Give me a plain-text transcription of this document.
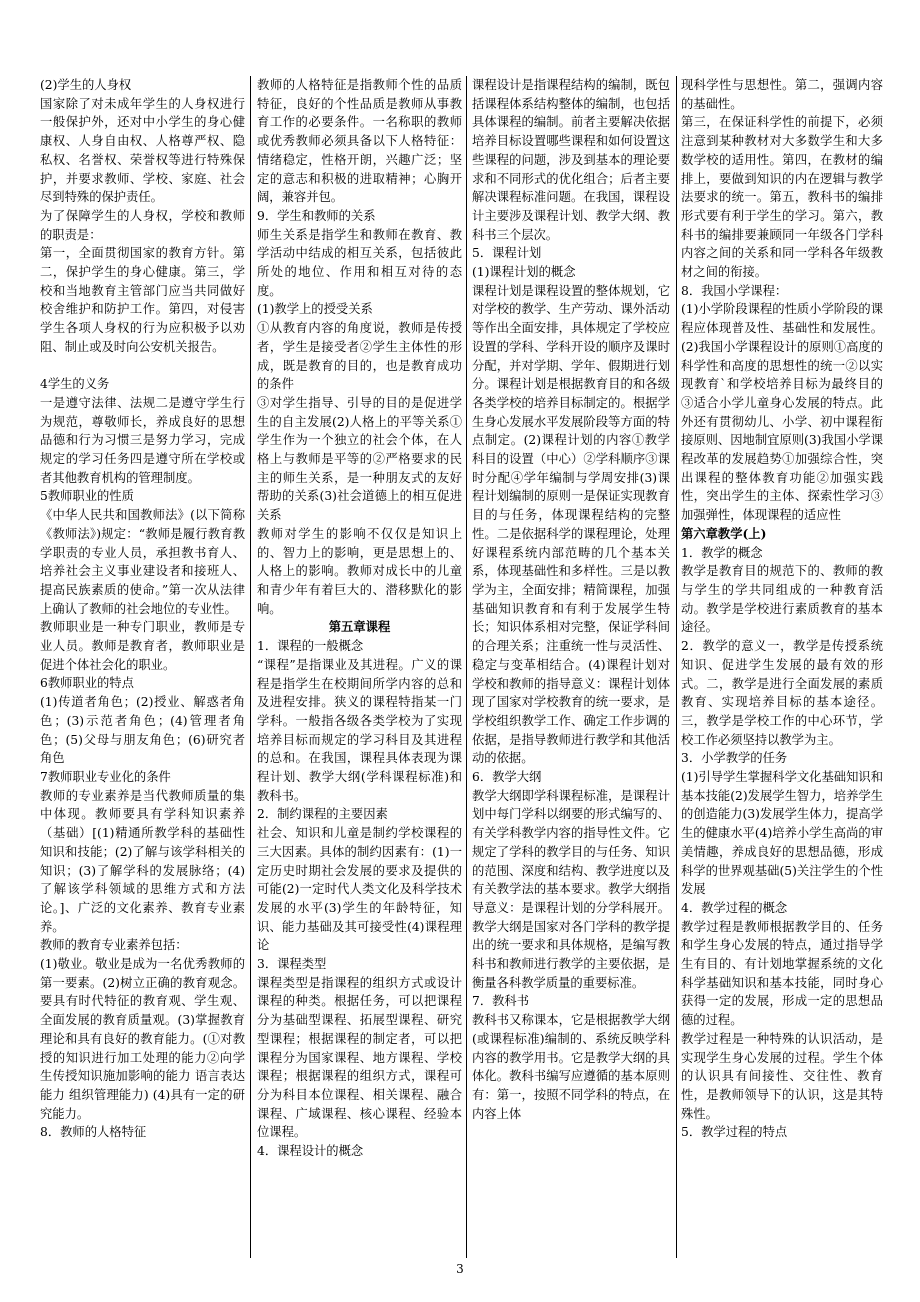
(2)学生的人身权

国家除了对未成年学生的人身权进行一般保护外，还对中小学生的身心健康权、人身自由权、人格尊严权、隐私权、名誉权、荣誉权等进行特殊保护，并要求教师、学校、家庭、社会尽到特殊的保护责任。

为了保障学生的人身权，学校和教师的职责是：

第一，全面贯彻国家的教育方针。第二，保护学生的身心健康。第三，学校和当地教育主管部门应当共同做好校舍维护和防护工作。第四，对侵害学生各项人身权的行为应积极予以劝阻、制止或及时向公安机关报告。

4学生的义务

一是遵守法律、法规二是遵守学生行为规范，尊敬师长，养成良好的思想品德和行为习惯三是努力学习，完成规定的学习任务四是遵守所在学校或者其他教育机构的管理制度。

5教师职业的性质

《中华人民共和国教师法》(以下简称《教师法》)规定：“教师是履行教育教学职责的专业人员，承担教书育人、培养社会主义事业建设者和接班人、提高民族素质的使命。”第一次从法律上确认了教师的社会地位的专业性。

教师职业是一种专门职业，教师是专业人员。教师是教育者，教师职业是促进个体社会化的职业。

6教师职业的特点

(1)传道者角色；(2)授业、解惑者角色；(3)示范者角色；(4)管理者角色；(5)父母与朋友角色；(6)研究者角色

7教师职业专业化的条件

教师的专业素养是当代教师质量的集中体现。教师要具有学科知识素养（基础）[(1)精通所教学科的基础性知识和技能；(2)了解与该学科相关的知识；(3)了解学科的发展脉络；(4)了解该学科领域的思维方式和方法论。]、广泛的文化素养、教育专业素养。

教师的教育专业素养包括：

(1)敬业。敬业是成为一名优秀教师的第一要素。(2)树立正确的教育观念。要具有时代特征的教育观、学生观、全面发展的教育质量观。(3)掌握教育理论和具有良好的教育能力。(①对教授的知识进行加工处理的能力②向学生传授知识施加影响的能力 语言表达能力 组织管理能力) (4)具有一定的研究能力。

8．教师的人格特征

教师的人格特征是指教师个性的品质特征，良好的个性品质是教师从事教育工作的必要条件。一名称职的教师或优秀教师必须具备以下人格特征：情绪稳定，性格开朗，兴趣广泛；坚定的意志和积极的进取精神；心胸开阔，兼容并包。

9．学生和教师的关系

师生关系是指学生和教师在教育、教学活动中结成的相互关系，包括彼此所处的地位、作用和相互对待的态度。

(1)教学上的授受关系

①从教育内容的角度说，教师是传授者，学生是接受者②学生主体性的形成，既是教育的目的，也是教育成功的条件

③对学生指导、引导的目的是促进学生的自主发展(2)人格上的平等关系①学生作为一个独立的社会个体，在人格上与教师是平等的②严格要求的民主的师生关系，是一种朋友式的友好帮助的关系(3)社会道德上的相互促进关系

教师对学生的影响不仅仅是知识上的、智力上的影响，更是思想上的、人格上的影响。教师对成长中的儿童和青少年有着巨大的、潜移默化的影响。

第五章课程

1．课程的一般概念

“课程”是指课业及其进程。广义的课程是指学生在校期间所学内容的总和及进程安排。狭义的课程特指某一门学科。一般指各级各类学校为了实现培养目标而规定的学习科目及其进程的总和。在我国，课程具体表现为课程计划、教学大纲(学科课程标准)和教科书。

2．制约课程的主要因素

社会、知识和儿童是制约学校课程的三大因素。具体的制约因素有：(1)一定历史时期社会发展的要求及提供的可能(2)一定时代人类文化及科学技术发展的水平(3)学生的年龄特征，知识、能力基础及其可接受性(4)课程理论

3．课程类型

课程类型是指课程的组织方式或设计课程的种类。根据任务，可以把课程分为基础型课程、拓展型课程、研究型课程；根据课程的制定者，可以把课程分为国家课程、地方课程、学校课程；根据课程的组织方式，课程可分为科目本位课程、相关课程、融合课程、广域课程、核心课程、经验本位课程。

4．课程设计的概念

课程设计是指课程结构的编制，既包括课程体系结构整体的编制，也包括具体课程的编制。前者主要解决依据培养目标设置哪些课程和如何设置这些课程的问题，涉及到基本的理论要求和不同形式的优化组合；后者主要解决课程标准问题。在我国，课程设计主要涉及课程计划、教学大纲、教科书三个层次。

5．课程计划

(1)课程计划的概念

课程计划是课程设置的整体规划，它对学校的教学、生产劳动、课外活动等作出全面安排，具体规定了学校应设置的学科、学科开设的顺序及课时分配，并对学期、学年、假期进行划分。课程计划是根据教育目的和各级各类学校的培养目标制定的。根据学生身心发展水平发展阶段等方面的特点制定。(2)课程计划的内容①教学科目的设置（中心）②学科顺序③课时分配④学年编制与学周安排(3)课程计划编制的原则一是保证实现教育目的与任务，体现课程结构的完整性。二是依据科学的课程理论，处理好课程系统内部范畴的几个基本关系，体现基础性和多样性。三是以教学为主，全面安排；精简课程，加强基础知识教育和有利于发展学生特长；知识体系相对完整，保证学科间的合理关系；注重统一性与灵活性、稳定与变革相结合。(4)课程计划对学校和教师的指导意义：课程计划体现了国家对学校教育的统一要求，是学校组织教学工作、确定工作步调的依据，是指导教师进行教学和其他活动的依据。

6．教学大纲

教学大纲即学科课程标准，是课程计划中每门学科以纲要的形式编写的、有关学科教学内容的指导性文件。它规定了学科的教学目的与任务、知识的范围、深度和结构、教学进度以及有关教学法的基本要求。教学大纲指导意义：是课程计划的分学科展开。教学大纲是国家对各门学科的教学提出的统一要求和具体规格，是编写教科书和教师进行教学的主要依据，是衡量各科教学质量的重要标准。

7．教科书

教科书又称课本，它是根据教学大纲(或课程标准)编制的、系统反映学科内容的教学用书。它是教学大纲的具体化。教科书编写应遵循的基本原则有：第一，按照不同学科的特点，在内容上体

现科学性与思想性。第二，强调内容的基础性。

第三，在保证科学性的前提下，必须注意到某种教材对大多数学生和大多数学校的适用性。第四，在教材的编排上，要做到知识的内在逻辑与教学法要求的统一。第五，教科书的编排形式要有利于学生的学习。第六，教科书的编排要兼顾同一年级各门学科内容之间的关系和同一学科各年级教材之间的衔接。

8．我国小学课程：

(1)小学阶段课程的性质小学阶段的课程应体现普及性、基础性和发展性。(2)我国小学课程设计的原则①高度的科学性和高度的思想性的统一②以实现教育`和学校培养目标为最终目的③适合小学儿童身心发展的特点。此外还有贯彻幼儿、小学、初中课程衔接原则、因地制宜原则(3)我国小学课程改革的发展趋势①加强综合性，突出课程的整体教育功能②加强实践性，突出学生的主体、探索性学习③加强弹性，体现课程的适应性

第六章教学(上)

1．教学的概念

教学是教育目的规范下的、教师的教与学生的学共同组成的一种教育活动。教学是学校进行素质教育的基本途径。

2．教学的意义一，教学是传授系统知识、促进学生发展的最有效的形式。二，教学是进行全面发展的素质教育、实现培养目标的基本途径。三，教学是学校工作的中心环节，学校工作必须坚持以教学为主。

3．小学教学的任务

(1)引导学生掌握科学文化基础知识和基本技能(2)发展学生智力，培养学生的创造能力(3)发展学生体力，提高学生的健康水平(4)培养小学生高尚的审美情趣，养成良好的思想品德，形成科学的世界观基础(5)关注学生的个性发展

4．教学过程的概念

教学过程是教师根据教学目的、任务和学生身心发展的特点，通过指导学生有目的、有计划地掌握系统的文化科学基础知识和基本技能，同时身心获得一定的发展，形成一定的思想品德的过程。

教学过程是一种特殊的认识活动，是实现学生身心发展的过程。学生个体的认识具有间接性、交往性、教育性，是教师领导下的认识，这是其特殊性。

5．教学过程的特点

3
